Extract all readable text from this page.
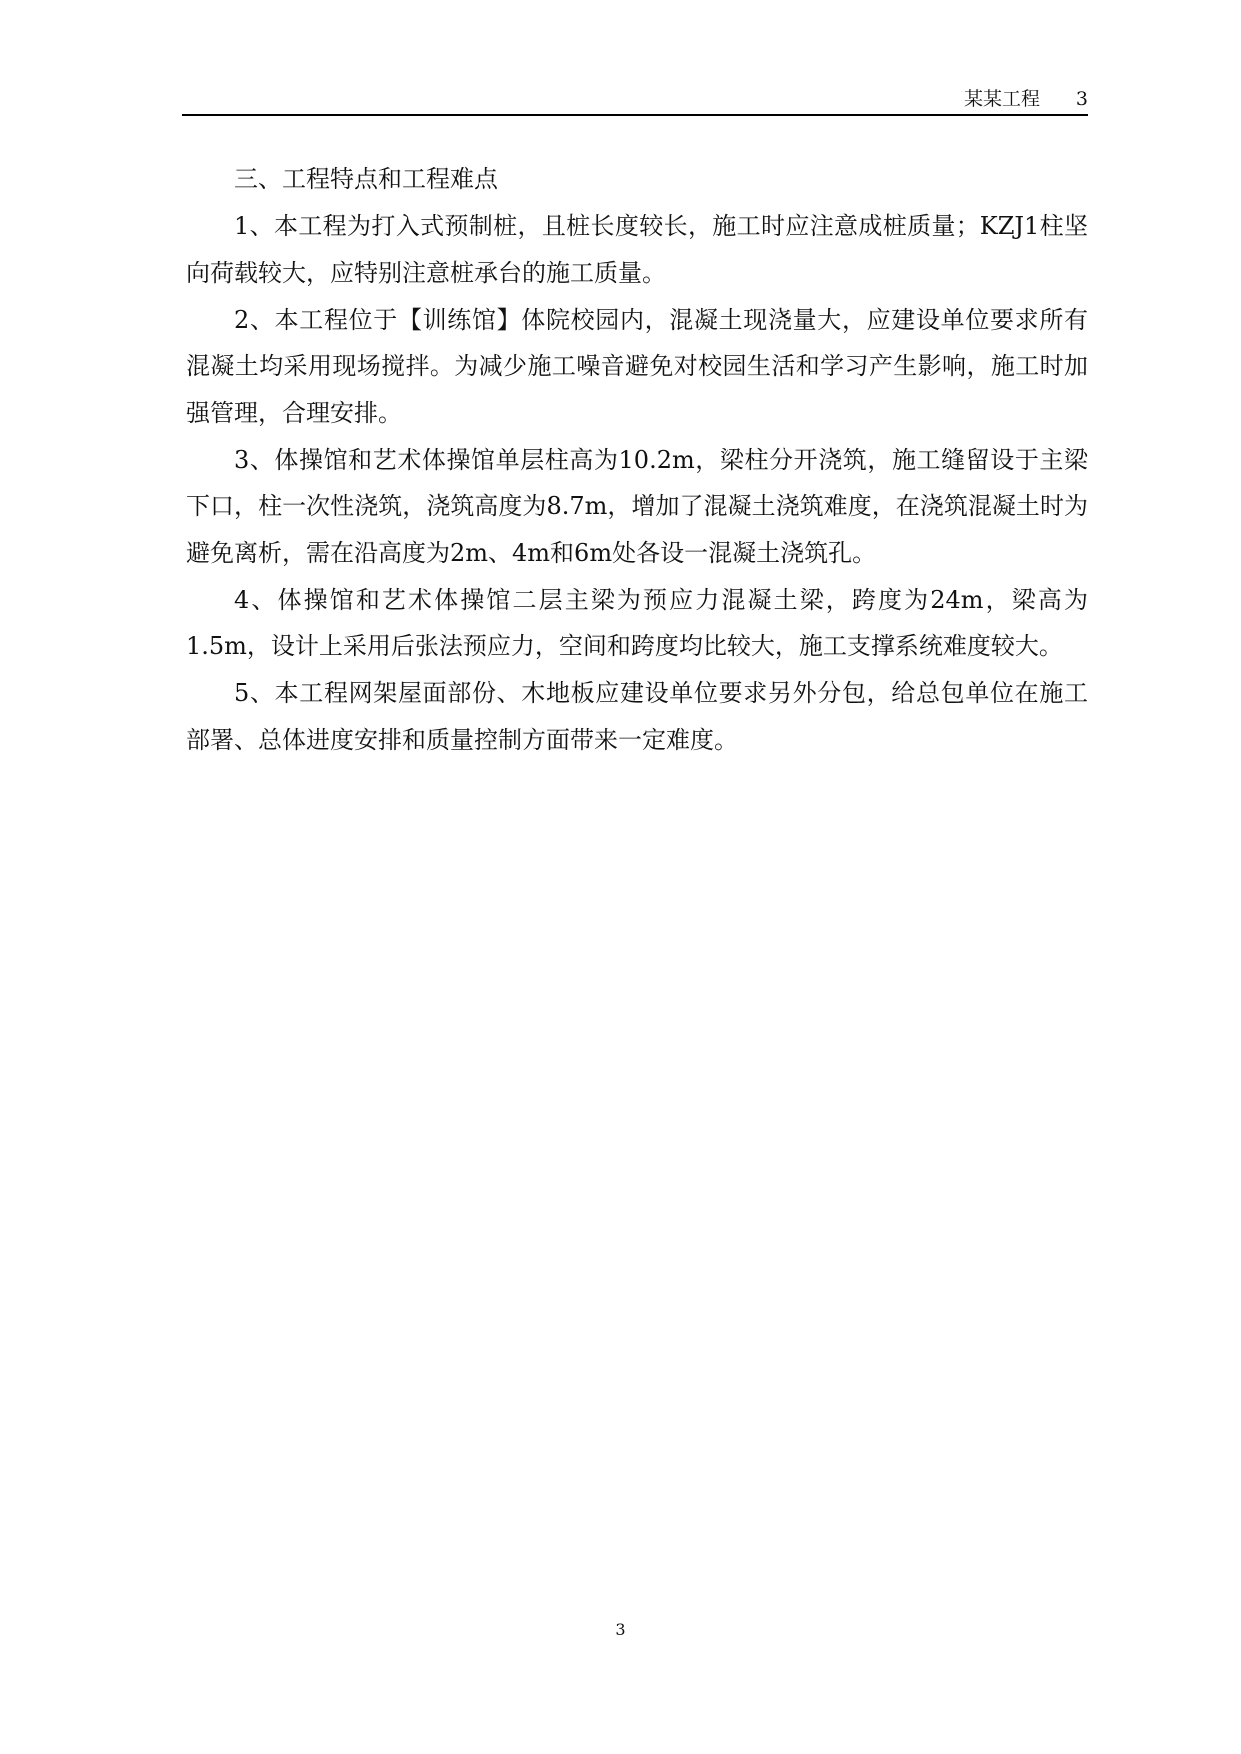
某某工程 3

三、工程特点和工程难点

1、本工程为打入式预制桩，且桩长度较长，施工时应注意成桩质量；KZJ1柱坚向荷载较大，应特别注意桩承台的施工质量。

2、本工程位于【训练馆】体院校园内，混凝土现浇量大，应建设单位要求所有混凝土均采用现场搅拌。为减少施工噪音避免对校园生活和学习产生影响，施工时加强管理，合理安排。

3、体操馆和艺术体操馆单层柱高为10.2m，梁柱分开浇筑，施工缝留设于主梁下口，柱一次性浇筑，浇筑高度为8.7m，增加了混凝土浇筑难度，在浇筑混凝土时为避免离析，需在沿高度为2m、4m和6m处各设一混凝土浇筑孔。

4、体操馆和艺术体操馆二层主梁为预应力混凝土梁，跨度为24m，梁高为1.5m，设计上采用后张法预应力，空间和跨度均比较大，施工支撑系统难度较大。

5、本工程网架屋面部份、木地板应建设单位要求另外分包，给总包单位在施工部署、总体进度安排和质量控制方面带来一定难度。

3
